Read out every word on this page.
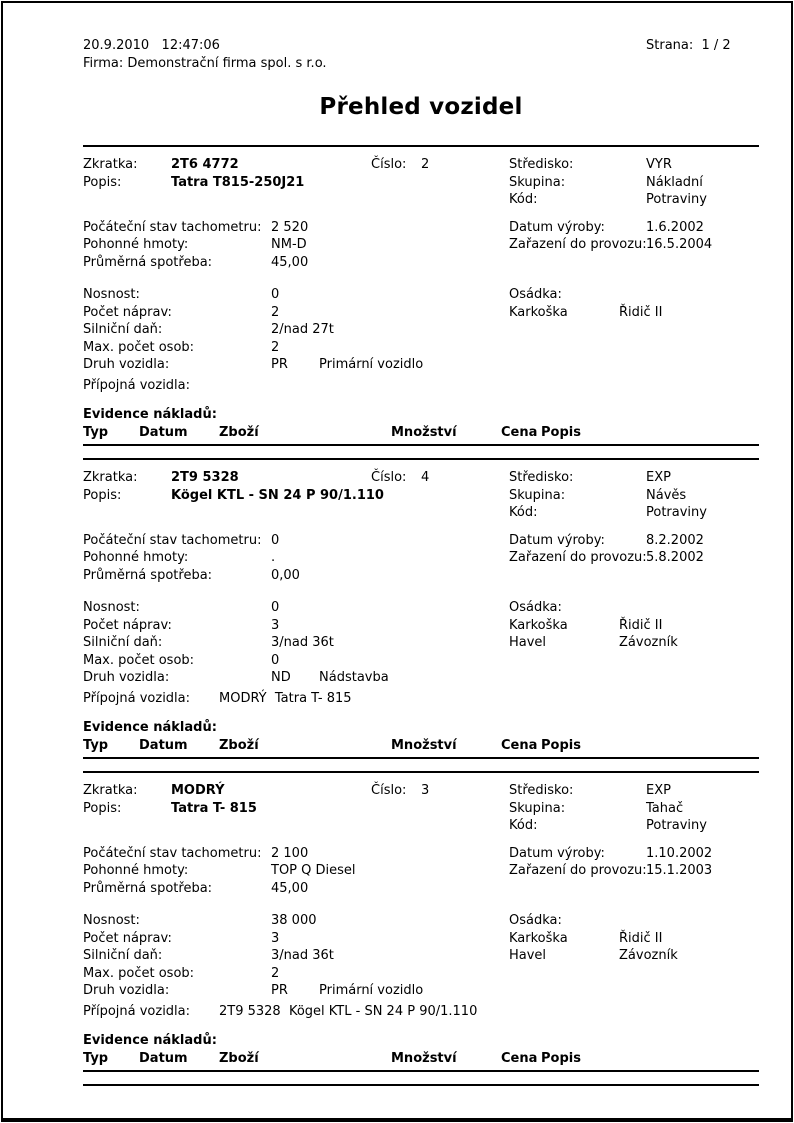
20.9.2010   12:47:06	Strana:  1 / 2
Firma: Demonstrační firma spol. s r.o.
Přehled vozidel
Zkratka:	2T6 4772	Číslo: 2	Středisko:	VYR
Popis:	Tatra T815-250J21	Skupina:	Nákladní
Kód:	Potraviny
Počáteční stav tachometru: 2 520	Datum výroby:	1.6.2002
Pohonné hmoty:	NM-D	Zařazení do provozu: 16.5.2004
Průměrná spotřeba:	45,00
Nosnost:	0	Osádka:
Počet náprav:	2	Karkoška	Řidič II
Silniční daň:	2/nad 27t
Max. počet osob:	2
Druh vozidla:	PR Primární vozidlo
Přípojná vozidla:
Evidence nákladů:
Typ Datum Zboží	Množství	Cena Popis
Zkratka:	2T9 5328	Číslo: 4	Středisko:	EXP
Popis:	Kögel KTL - SN 24 P 90/1.110	Skupina:	Návěs
Kód:	Potraviny
Počáteční stav tachometru: 0	Datum výroby:	8.2.2002
Pohonné hmoty:	.	Zařazení do provozu: 5.8.2002
Průměrná spotřeba:	0,00
Nosnost:	0	Osádka:
Počet náprav:	3	Karkoška	Řidič II
Silniční daň:	3/nad 36t	Havel	Závozník
Max. počet osob:	0
Druh vozidla:	ND Nádstavba
Přípojná vozidla: MODRÝ  Tatra T- 815
Evidence nákladů:
Typ Datum Zboží	Množství	Cena Popis
Zkratka:	MODRÝ	Číslo: 3	Středisko:	EXP
Popis:	Tatra T- 815	Skupina:	Tahač
Kód:	Potraviny
Počáteční stav tachometru: 2 100	Datum výroby:	1.10.2002
Pohonné hmoty:	TOP Q Diesel	Zařazení do provozu: 15.1.2003
Průměrná spotřeba:	45,00
Nosnost:	38 000	Osádka:
Počet náprav:	3	Karkoška	Řidič II
Silniční daň:	3/nad 36t	Havel	Závozník
Max. počet osob:	2
Druh vozidla:	PR Primární vozidlo
Přípojná vozidla: 2T9 5328  Kögel KTL - SN 24 P 90/1.110
Evidence nákladů:
Typ Datum Zboží	Množství	Cena Popis
